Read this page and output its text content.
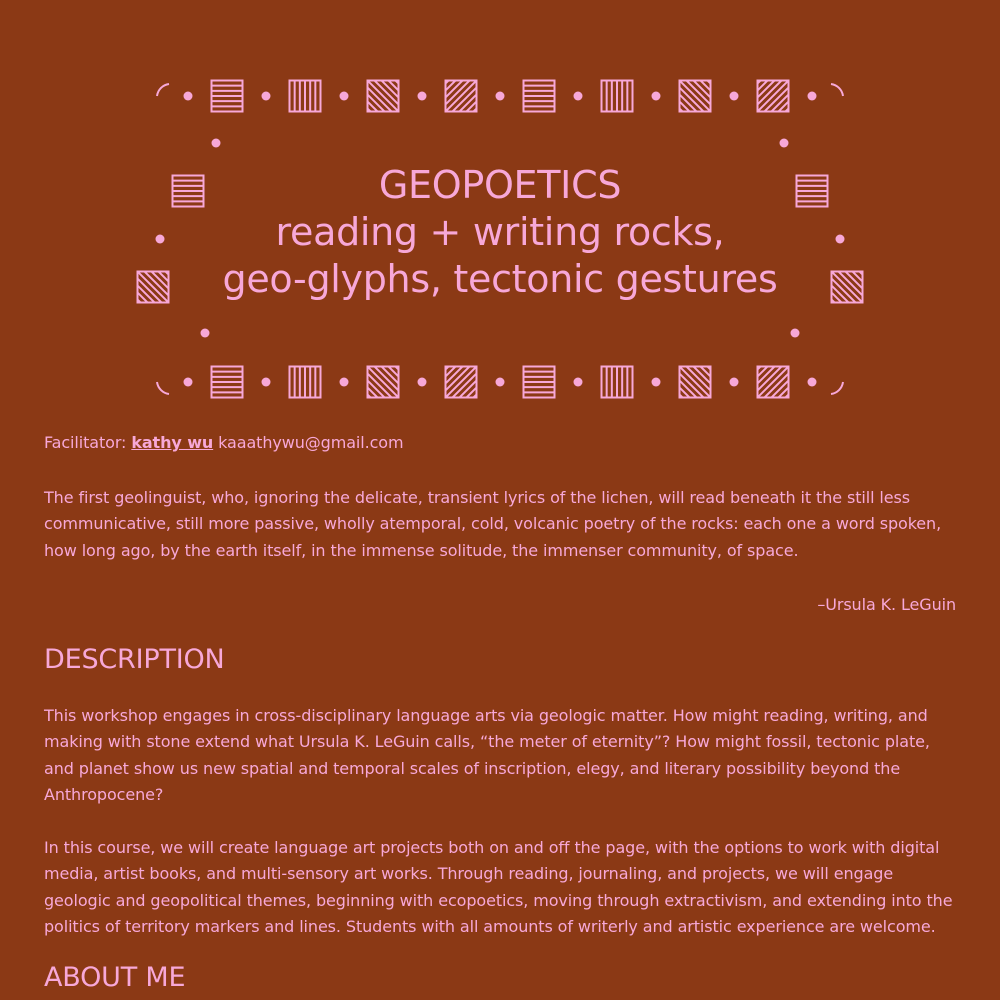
GEOPOETICS
reading + writing rocks,
geo-glyphs, tectonic gestures

Facilitator: kathy wu kaaathywu@gmail.com

The first geolinguist, who, ignoring the delicate, transient lyrics of the lichen, will read beneath it the still less communicative, still more passive, wholly atemporal, cold, volcanic poetry of the rocks: each one a word spoken, how long ago, by the earth itself, in the immense solitude, the immenser community, of space.

–Ursula K. LeGuin

DESCRIPTION

This workshop engages in cross-disciplinary language arts via geologic matter. How might reading, writing, and making with stone extend what Ursula K. LeGuin calls, “the meter of eternity”? How might fossil, tectonic plate, and planet show us new spatial and temporal scales of inscription, elegy, and literary possibility beyond the Anthropocene?

In this course, we will create language art projects both on and off the page, with the options to work with digital media, artist books, and multi-sensory art works. Through reading, journaling, and projects, we will engage geologic and geopolitical themes, beginning with ecopoetics, moving through extractivism, and extending into the politics of territory markers and lines. Students with all amounts of writerly and artistic experience are welcome.

ABOUT ME
